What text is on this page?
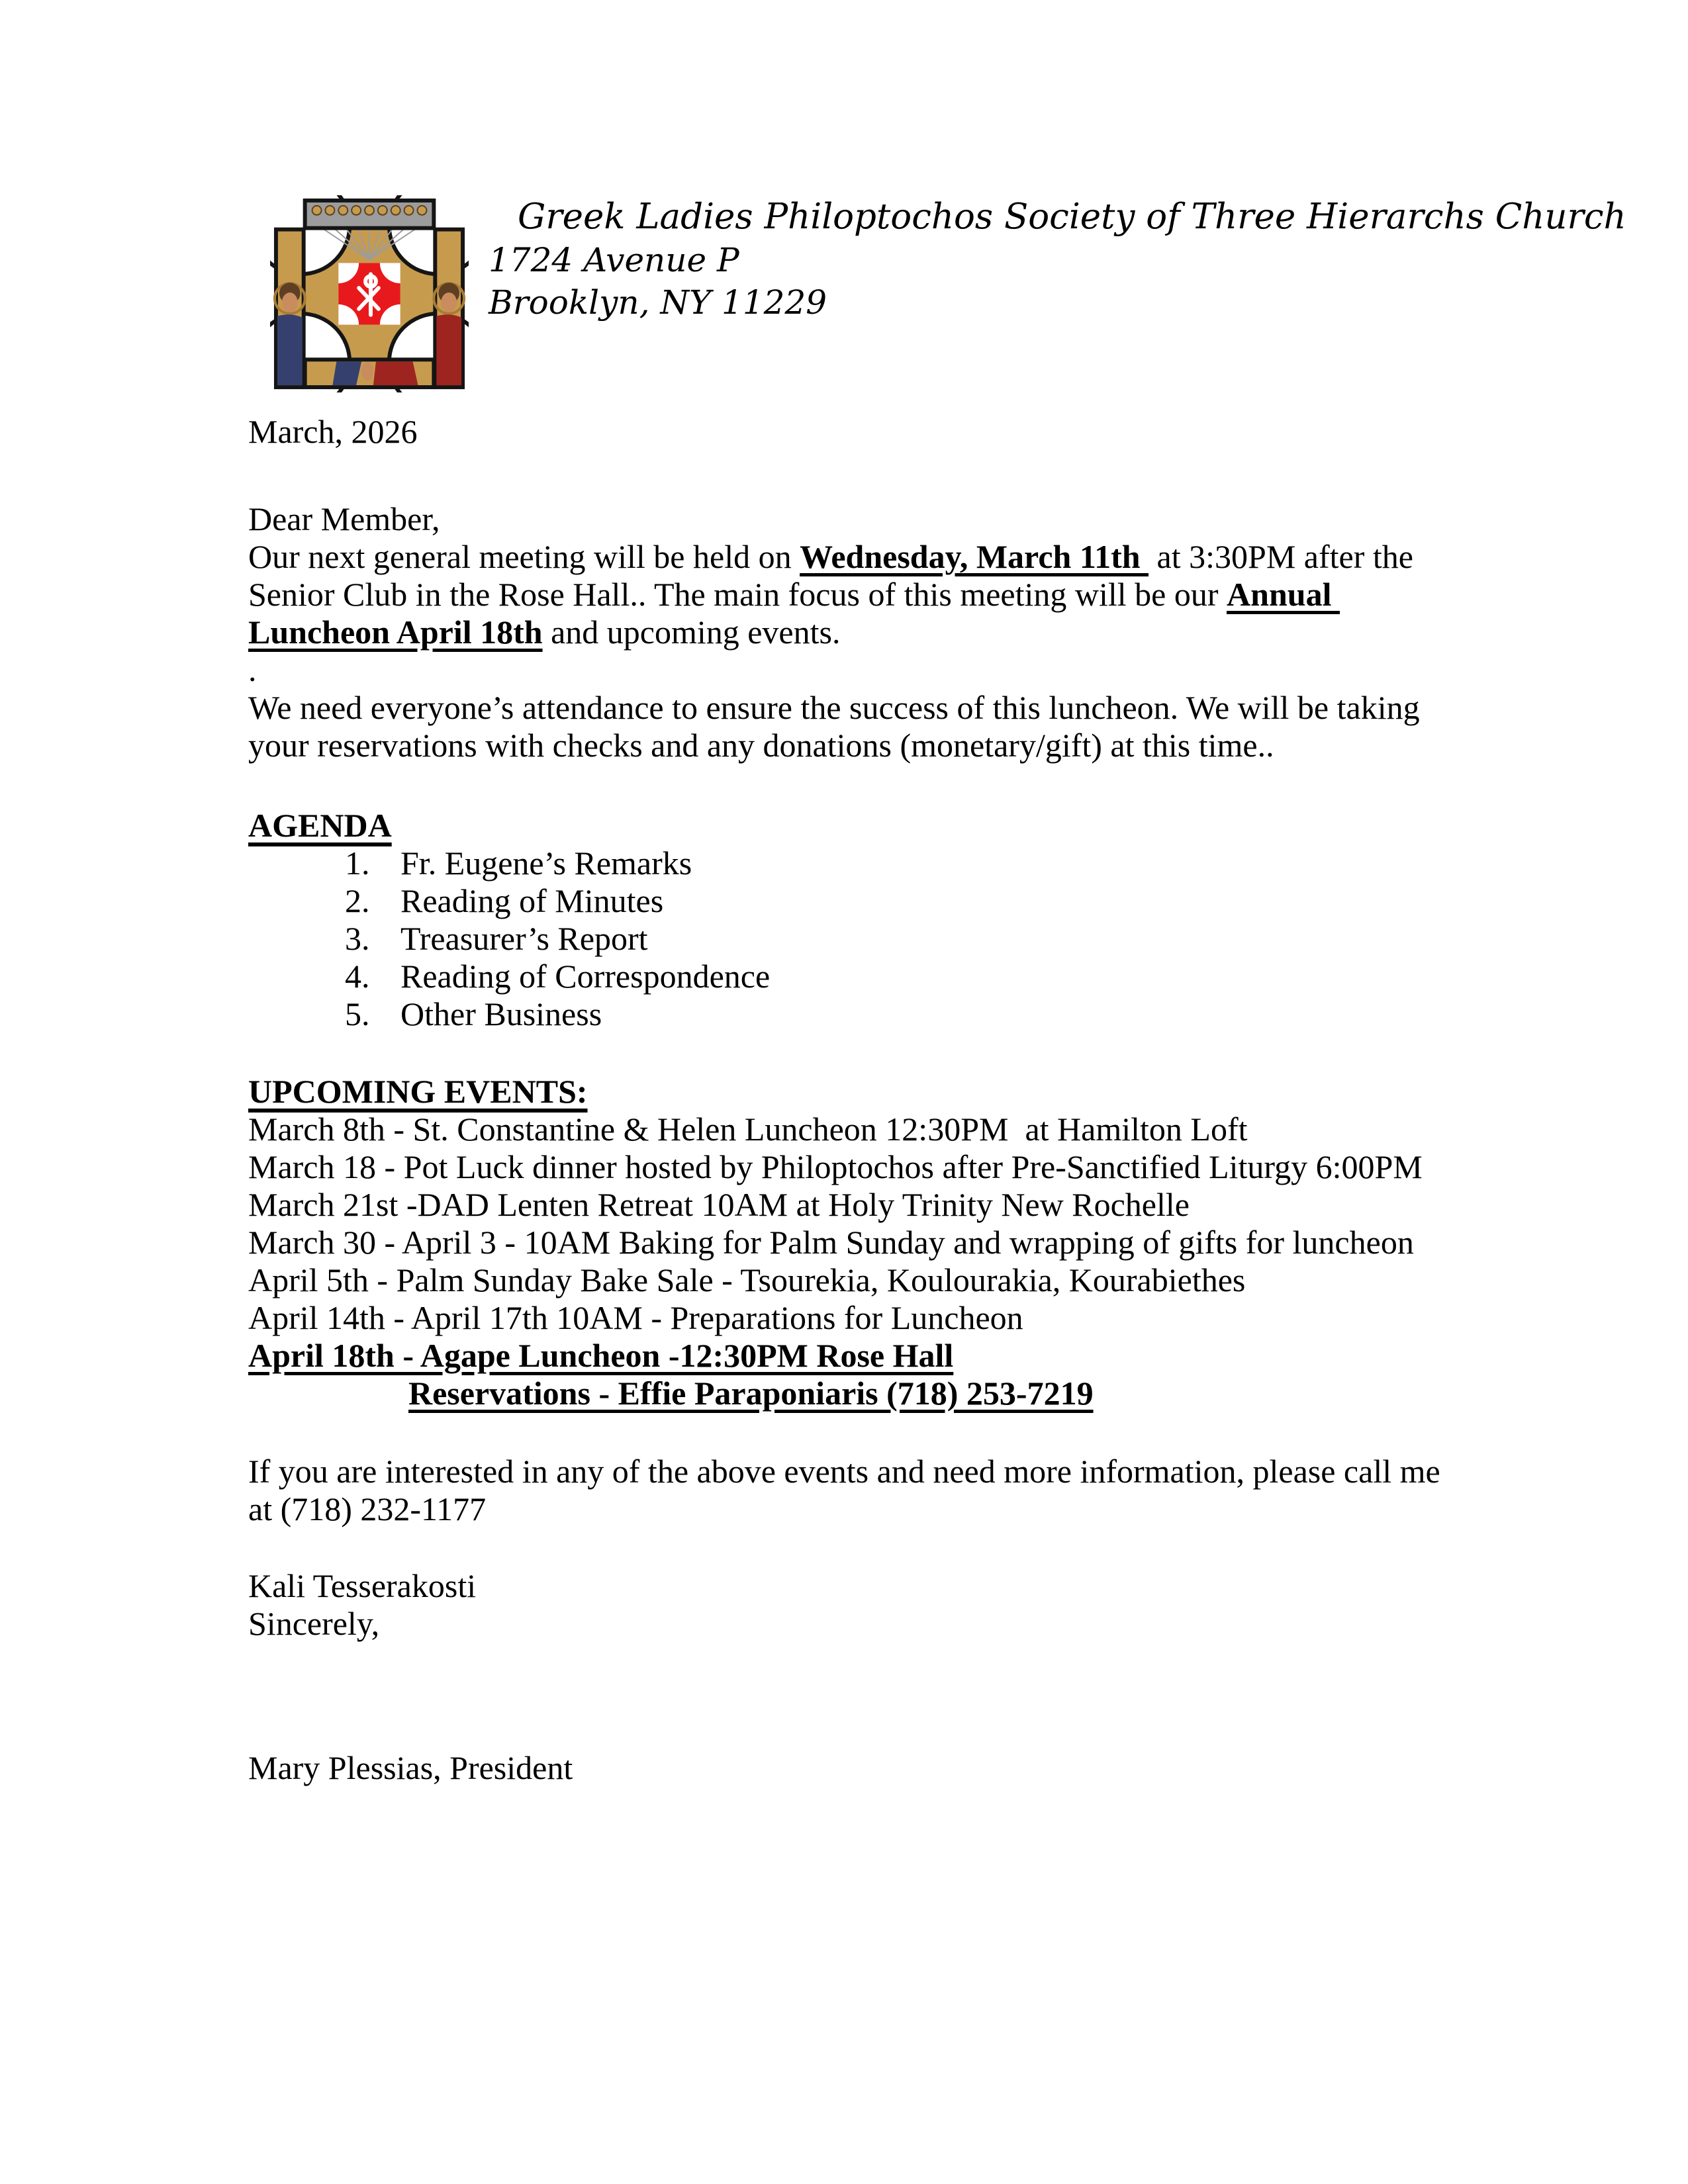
Greek Ladies Philoptochos Society of Three Hierarchs Church
1724 Avenue P
Brooklyn, NY 11229
March, 2026
Dear Member,

Our next general meeting will be held on Wednesday, March 11th  at 3:30PM after the Senior Club in the Rose Hall.. The main focus of this meeting will be our Annual Luncheon April 18th and upcoming events.

.

We need everyone’s attendance to ensure the success of this luncheon. We will be taking your reservations with checks and any donations (monetary/gift) at this time..

AGENDA
1. Fr. Eugene’s Remarks
2. Reading of Minutes
3. Treasurer’s Report
4. Reading of Correspondence
5. Other Business
UPCOMING EVENTS:
March 8th - St. Constantine & Helen Luncheon 12:30PM  at Hamilton Loft
March 18 - Pot Luck dinner hosted by Philoptochos after Pre-Sanctified Liturgy 6:00PM
March 21st -DAD Lenten Retreat 10AM at Holy Trinity New Rochelle
March 30 - April 3 - 10AM Baking for Palm Sunday and wrapping of gifts for luncheon
April 5th - Palm Sunday Bake Sale - Tsourekia, Koulourakia, Kourabiethes
April 14th - April 17th 10AM - Preparations for Luncheon
April 18th - Agape Luncheon -12:30PM Rose Hall
Reservations - Effie Paraponiaris (718) 253-7219

If you are interested in any of the above events and need more information, please call me at (718) 232-1177

Kali Tesserakosti
Sincerely,
Mary Plessias, President
